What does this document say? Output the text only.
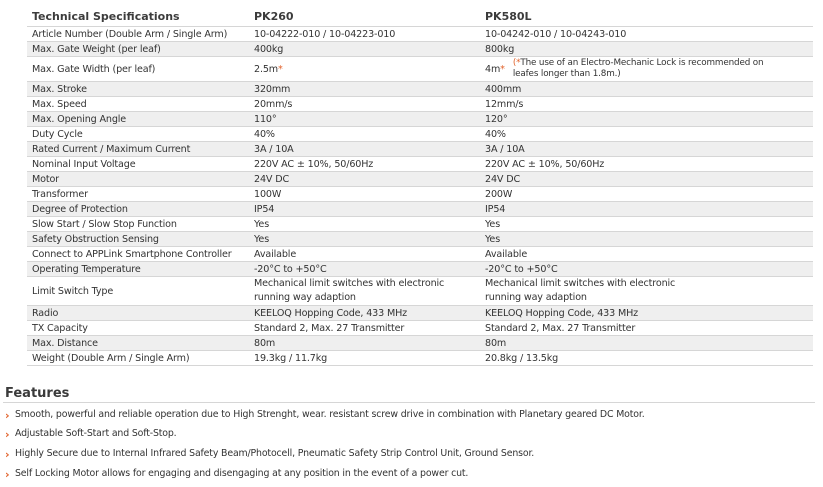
Technical Specifications	PK260	PK580L
Article Number (Double Arm / Single Arm)	10-04222-010 / 10-04223-010	10-04242-010 / 10-04243-010
Max. Gate Weight (per leaf)	400kg	800kg
Max. Gate Width (per leaf)	2.5m*	4m *
(*The use of an Electro-Mechanic Lock is recommended on leafes longer than 1.8m.)

Max. Stroke	320mm	400mm
Max. Speed	20mm/s	12mm/s
Max. Opening Angle	110°	120°
Duty Cycle	40%	40%
Rated Current / Maximum Current	3A / 10A	3A / 10A
Nominal Input Voltage	220V AC ± 10%, 50/60Hz	220V AC ± 10%, 50/60Hz
Motor	24V DC	24V DC
Transformer	100W	200W
Degree of Protection	IP54	IP54
Slow Start / Slow Stop Function	Yes	Yes
Safety Obstruction Sensing	Yes	Yes
Connect to APPLink Smartphone Controller	Available	Available
Operating Temperature	-20°C to +50°C	-20°C to +50°C
Limit Switch Type	Mechanical limit switches with electronic running way adaption	Mechanical limit switches with electronic running way adaption

Radio	KEELOQ Hopping Code, 433 MHz	KEELOQ Hopping Code, 433 MHz
TX Capacity	Standard 2, Max. 27 Transmitter	Standard 2, Max. 27 Transmitter
Max. Distance	80m	80m
Weight (Double Arm / Single Arm)	19.3kg / 11.7kg	20.8kg / 13.5kg
Features
› Smooth, powerful and reliable operation due to High Strenght, wear. resistant screw drive in combination with Planetary geared DC Motor.
› Adjustable Soft-Start and Soft-Stop.
› Highly Secure due to Internal Infrared Safety Beam/Photocell, Pneumatic Safety Strip Control Unit, Ground Sensor.
› Self Locking Motor allows for engaging and disengaging at any position in the event of a power cut.
